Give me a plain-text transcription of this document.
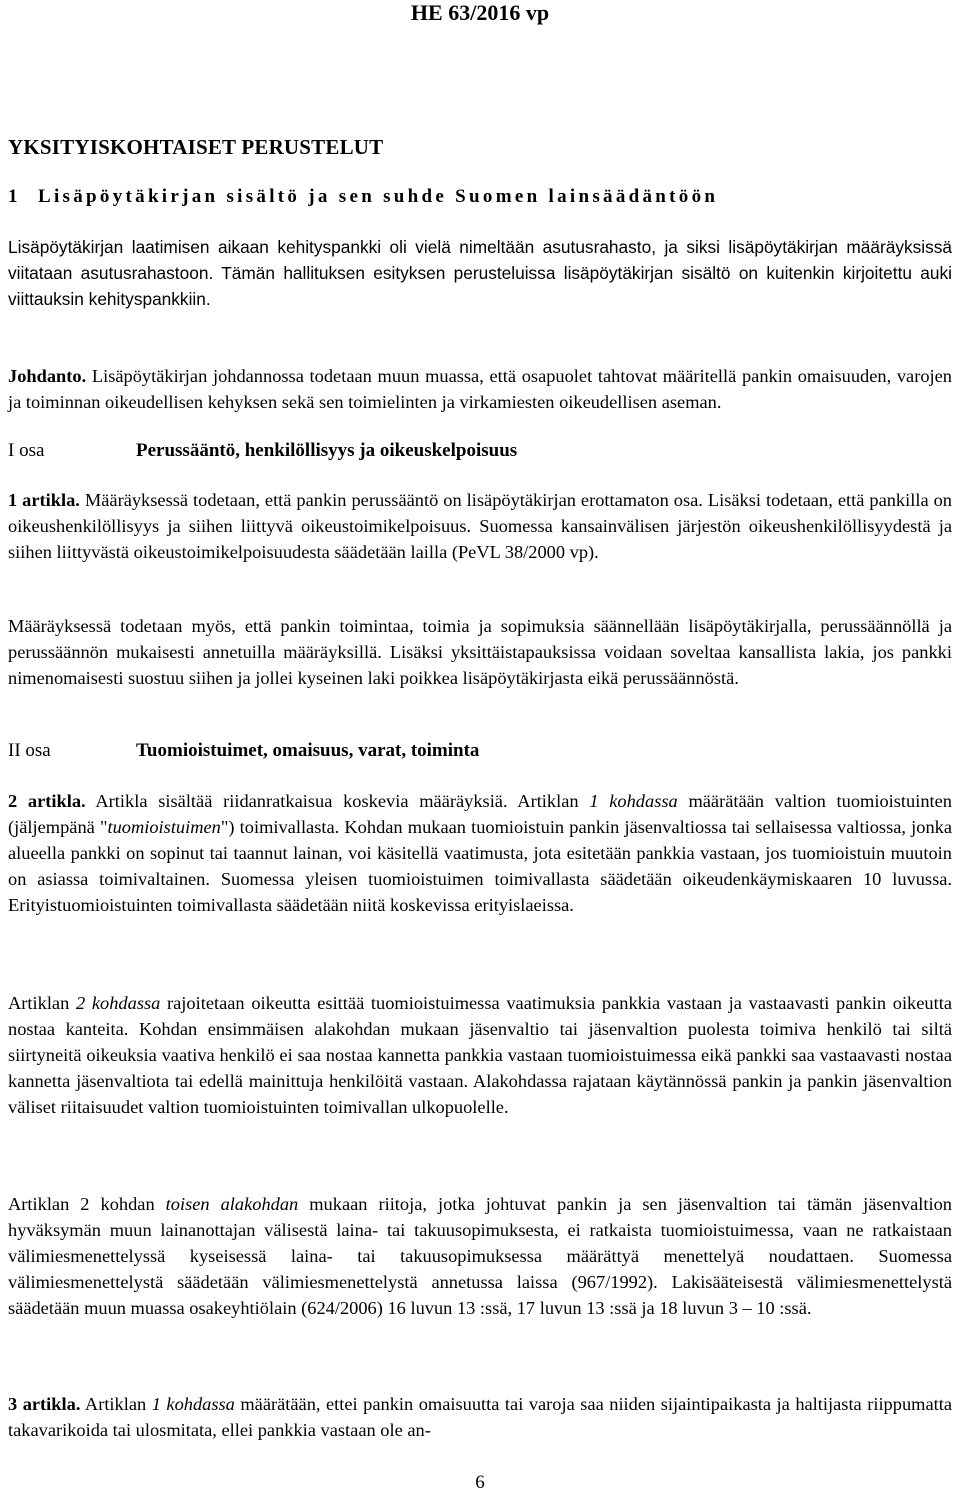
HE 63/2016 vp
YKSITYISKOHTAISET PERUSTELUT
1 Lisäpöytäkirjan sisältö ja sen suhde Suomen lainsäädäntöön

Lisäpöytäkirjan laatimisen aikaan kehityspankki oli vielä nimeltään asutusrahasto, ja siksi lisäpöytäkirjan määräyksissä viitataan asutusrahastoon. Tämän hallituksen esityksen perusteluissa lisäpöytäkirjan sisältö on kuitenkin kirjoitettu auki viittauksin kehityspankkiin.

Johdanto. Lisäpöytäkirjan johdannossa todetaan muun muassa, että osapuolet tahtovat määritellä pankin omaisuuden, varojen ja toiminnan oikeudellisen kehyksen sekä sen toimielinten ja virkamiesten oikeudellisen aseman.

I osa	Perussääntö, henkilöllisyys ja oikeuskelpoisuus

1 artikla. Määräyksessä todetaan, että pankin perussääntö on lisäpöytäkirjan erottamaton osa. Lisäksi todetaan, että pankilla on oikeushenkilöllisyys ja siihen liittyvä oikeustoimikelpoisuus. Suomessa kansainvälisen järjestön oikeushenkilöllisyydestä ja siihen liittyvästä oikeustoimikelpoisuudesta säädetään lailla (PeVL 38/2000 vp).

Määräyksessä todetaan myös, että pankin toimintaa, toimia ja sopimuksia säännellään lisäpöytäkirjalla, perussäännöllä ja perussäännön mukaisesti annetuilla määräyksillä. Lisäksi yksittäistapauksissa voidaan soveltaa kansallista lakia, jos pankki nimenomaisesti suostuu siihen ja jollei kyseinen laki poikkea lisäpöytäkirjasta eikä perussäännöstä.

II osa	Tuomioistuimet, omaisuus, varat, toiminta

2 artikla. Artikla sisältää riidanratkaisua koskevia määräyksiä. Artiklan 1 kohdassa määrätään valtion tuomioistuinten (jäljempänä "tuomioistuimen") toimivallasta. Kohdan mukaan tuomioistuin pankin jäsenvaltiossa tai sellaisessa valtiossa, jonka alueella pankki on sopinut tai taannut lainan, voi käsitellä vaatimusta, jota esitetään pankkia vastaan, jos tuomioistuin muutoin on asiassa toimivaltainen. Suomessa yleisen tuomioistuimen toimivallasta säädetään oikeudenkäymiskaaren 10 luvussa. Erityistuomioistuinten toimivallasta säädetään niitä koskevissa erityislaeissa.

Artiklan 2 kohdassa rajoitetaan oikeutta esittää tuomioistuimessa vaatimuksia pankkia vastaan ja vastaavasti pankin oikeutta nostaa kanteita. Kohdan ensimmäisen alakohdan mukaan jäsenvaltio tai jäsenvaltion puolesta toimiva henkilö tai siltä siirtyneitä oikeuksia vaativa henkilö ei saa nostaa kannetta pankkia vastaan tuomioistuimessa eikä pankki saa vastaavasti nostaa kannetta jäsenvaltiota tai edellä mainittuja henkilöitä vastaan. Alakohdassa rajataan käytännössä pankin ja pankin jäsenvaltion väliset riitaisuudet valtion tuomioistuinten toimivallan ulkopuolelle.

Artiklan 2 kohdan toisen alakohdan mukaan riitoja, jotka johtuvat pankin ja sen jäsenvaltion tai tämän jäsenvaltion hyväksymän muun lainanottajan välisestä laina- tai takuusopimuksesta, ei ratkaista tuomioistuimessa, vaan ne ratkaistaan välimiesmenettelyssä kyseisessä laina- tai takuusopimuksessa määrättyä menettelyä noudattaen. Suomessa välimiesmenettelystä säädetään välimiesmenettelystä annetussa laissa (967/1992). Lakisääteisestä välimiesmenettelystä säädetään muun muassa osakeyhtiölain (624/2006) 16 luvun 13 :ssä, 17 luvun 13 :ssä ja 18 luvun 3 – 10 :ssä.

3 artikla. Artiklan 1 kohdassa määrätään, ettei pankin omaisuutta tai varoja saa niiden sijaintipaikasta ja haltijasta riippumatta takavarikoida tai ulosmitata, ellei pankkia vastaan ole an-

6
